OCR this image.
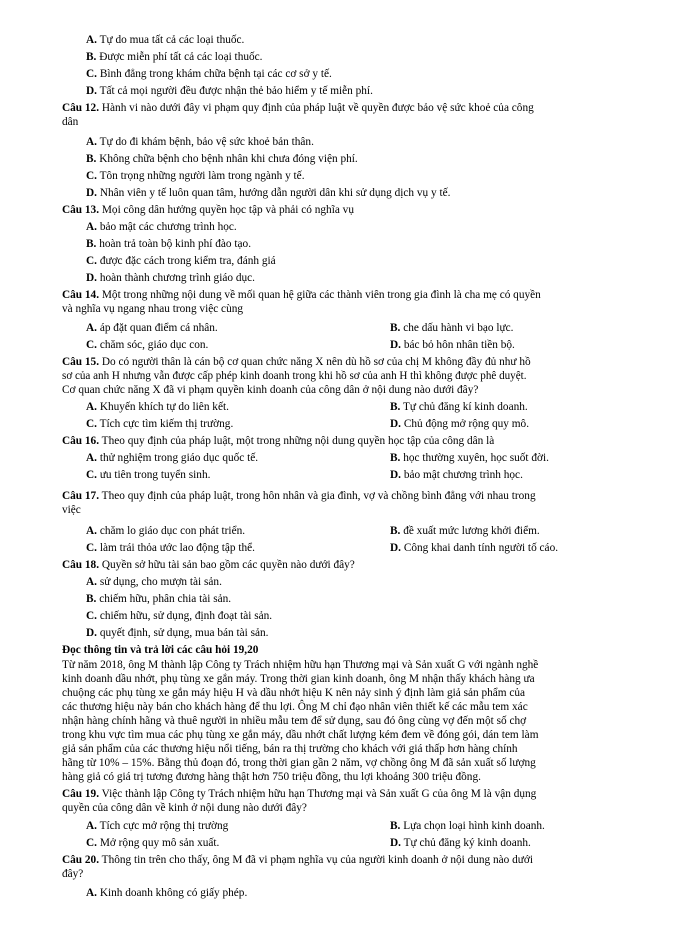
A. Tự do mua tất cả các loại thuốc.
B. Được miễn phí tất cả các loại thuốc.
C. Bình đẳng trong khám chữa bệnh tại các cơ sở y tế.
D. Tất cả mọi người đều được nhận thẻ bảo hiểm y tế miễn phí.
Câu 12. Hành vi nào dưới đây vi phạm quy định của pháp luật về quyền được bảo vệ sức khoẻ của công
dân
A. Tự do đi khám bệnh, bảo vệ sức khoẻ bản thân.
B. Không chữa bệnh cho bệnh nhân khi chưa đóng viện phí.
C. Tôn trọng những người làm trong ngành y tế.
D. Nhân viên y tế luôn quan tâm, hướng dẫn người dân khi sử dụng dịch vụ y tế.
Câu 13. Mọi công dân hưởng quyền học tập và phải có nghĩa vụ
A. bảo mật các chương trình học.
B. hoàn trả toàn bộ kinh phí đào tạo.
C. được đặc cách trong kiểm tra, đánh giá
D. hoàn thành chương trình giáo dục.
Câu 14. Một trong những nội dung về mối quan hệ giữa các thành viên trong gia đình là cha mẹ có quyền
và nghĩa vụ ngang nhau trong việc cùng
A. áp đặt quan điểm cá nhân.	B. che dấu hành vi bạo lực.
C. chăm sóc, giáo dục con.	D. bác bỏ hôn nhân tiền bộ.
Câu 15. Do có người thân là cán bộ cơ quan chức năng X nên dù hồ sơ của chị M không đầy đủ như hồ
sơ của anh H nhưng vẫn được cấp phép kinh doanh trong khi hồ sơ của anh H thì không được phê duyệt.
Cơ quan chức năng X đã vi phạm quyền kinh doanh của công dân ở nội dung nào dưới đây?
A. Khuyến khích tự do liên kết.	B. Tự chủ đăng kí kinh doanh.
C. Tích cực tìm kiếm thị trường.	D. Chủ động mở rộng quy mô.
Câu 16. Theo quy định của pháp luật, một trong những nội dung quyền học tập của công dân là
A. thử nghiệm trong giáo dục quốc tế.	B. học thường xuyên, học suốt đời.
C. ưu tiên trong tuyển sinh.	D. bảo mật chương trình học.
Câu 17. Theo quy định của pháp luật, trong hôn nhân và gia đình, vợ và chồng bình đẳng với nhau trong
việc
A. chăm lo giáo dục con phát triển.	B. đề xuất mức lương khởi điểm.
C. làm trái thỏa ước lao động tập thể.	D. Công khai danh tính người tố cáo.
Câu 18. Quyền sở hữu tài sản bao gồm các quyền nào dưới đây?
A. sử dụng, cho mượn tài sản.
B. chiếm hữu, phân chia tài sản.
C. chiếm hữu, sử dụng, định đoạt tài sản.
D. quyết định, sử dụng, mua bán tài sản.
Đọc thông tin và trả lời các câu hỏi 19,20
Từ năm 2018, ông M thành lập Công ty Trách nhiệm hữu hạn Thương mại và Sản xuất G với ngành nghề
kinh doanh dầu nhớt, phụ tùng xe gắn máy. Trong thời gian kinh doanh, ông M nhận thấy khách hàng ưa
chuộng các phụ tùng xe gắn máy hiệu H và dầu nhớt hiệu K nên nảy sinh ý định làm giả sản phẩm của
các thương hiệu này bán cho khách hàng để thu lợi. Ông M chỉ đạo nhân viên thiết kế các mẫu tem xác
nhận hàng chính hãng và thuê người in nhiều mẫu tem để sử dụng, sau đó ông cùng vợ đến một số chợ
trong khu vực tìm mua các phụ tùng xe gắn máy, dầu nhớt chất lượng kém đem về đóng gói, dán tem làm
giả sản phẩm của các thương hiệu nổi tiếng, bán ra thị trường cho khách với giá thấp hơn hàng chính
hãng từ 10% – 15%. Bằng thủ đoạn đó, trong thời gian gần 2 năm, vợ chồng ông M đã sản xuất số lượng
hàng giả có giá trị tương đương hàng thật hơn 750 triệu đồng, thu lợi khoảng 300 triệu đồng.
Câu 19. Việc thành lập Công ty Trách nhiệm hữu hạn Thương mại và Sản xuất G của ông M là vận dụng
quyền của công dân về kinh ở nội dung nào dưới đây?
A. Tích cực mở rộng thị trường	B. Lựa chọn loại hình kinh doanh.
C. Mở rộng quy mô sản xuất.	D. Tự chủ đăng ký kinh doanh.
Câu 20. Thông tin trên cho thấy, ông M đã vi phạm nghĩa vụ của người kinh doanh ở nội dung nào dưới
đây?
A. Kinh doanh không có giấy phép.
